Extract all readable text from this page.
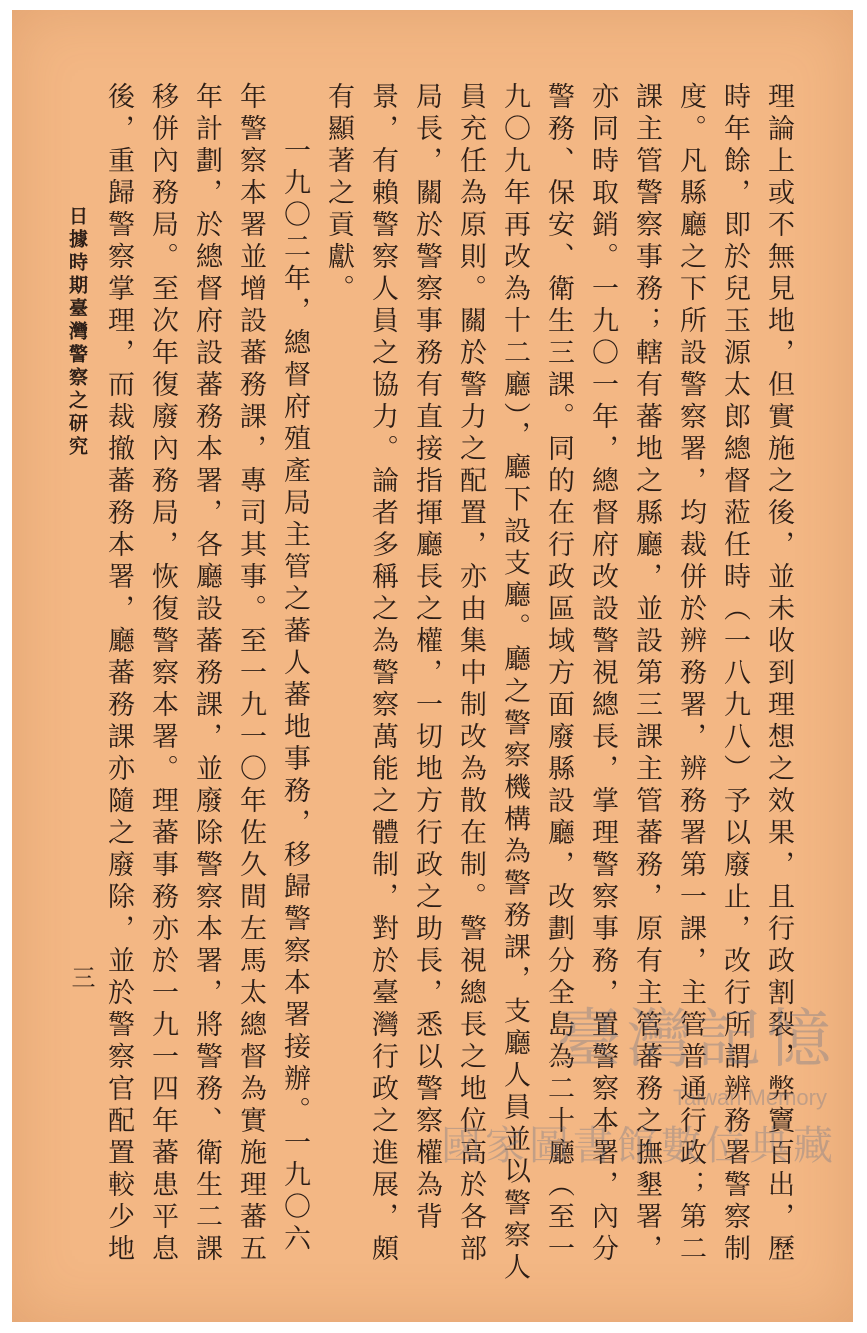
理論上或不無見地，但實施之後，並未收到理想之效果，且行政割裂，弊竇百出，歷時年餘，即於兒玉源太郎總督蒞任時（一八九八）予以廢止，改行所謂辨務署警察制度。凡縣廳之下所設警察署，均裁併於辨務署，辨務署第一課，主管普通行政；第二課主管警察事務；轄有蕃地之縣廳，並設第三課主管蕃務，原有主管蕃務之撫墾署，亦同時取銷。一九〇一年，總督府改設警視總長，掌理警察事務，置警察本署，內分警務、保安、衛生三課。同的在行政區域方面廢縣設廳，改劃分全島為二十廳（至一九〇九年再改為十二廳），廳下設支廳。廳之警察機構為警務課，支廳人員並以警察人員充任為原則。關於警力之配置，亦由集中制改為散在制。警視總長之地位高於各部局長，關於警察事務有直接指揮廳長之權，一切地方行政之助長，悉以警察權為背景，有賴警察人員之協力。論者多稱之為警察萬能之體制，對於臺灣行政之進展，頗有顯著之貢獻。

一九〇二年，總督府殖產局主管之蕃人蕃地事務，移歸警察本署接辦。一九〇六年警察本署並增設蕃務課，專司其事。至一九一〇年佐久間左馬太總督為實施理蕃五年計劃，於總督府設蕃務本署，各廳設蕃務課，並廢除警察本署，將警務、衛生二課移併內務局。至次年復廢內務局，恢復警察本署。理蕃事務亦於一九一四年蕃患平息後，重歸警察掌理，而裁撤蕃務本署，廳蕃務課亦隨之廢除，並於警察官配置較少地

日據時期臺灣警察之研究
三
臺灣記憶
Taiwan Memory
國家圖書館數位典藏
